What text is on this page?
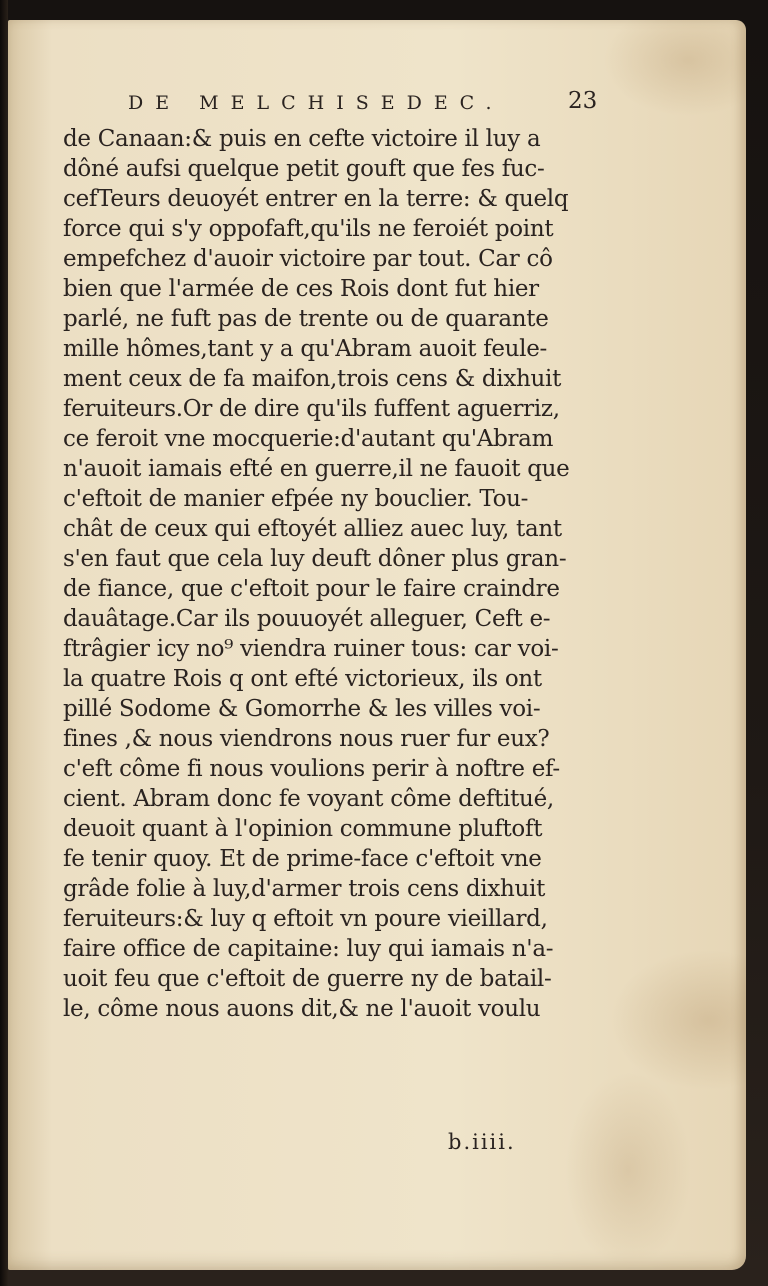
DE MELCHISEDEC.	23
de Canaan:& puis en cefte victoire il luy a
dôné aufsi quelque petit gouft que fes fuc-
cefTeurs deuoyét entrer en la terre: & quelq
force qui s'y oppofaft,qu'ils ne feroiét point
empefchez d'auoir victoire par tout. Car cô
bien que l'armée de ces Rois dont fut hier
parlé, ne fuft pas de trente ou de quarante
mille hômes,tant y a qu'Abram auoit feule-
ment ceux de fa maifon,trois cens & dixhuit
feruiteurs.Or de dire qu'ils fuffent aguerriz,
ce feroit vne mocquerie:d'autant qu'Abram
n'auoit iamais efté en guerre,il ne fauoit que
c'eftoit de manier efpée ny bouclier. Tou-
chât de ceux qui eftoyét alliez auec luy, tant
s'en faut que cela luy deuft dôner plus gran-
de fiance, que c'eftoit pour le faire craindre
dauâtage.Car ils pouuoyét alleguer, Ceft e-
ftrâgier icy no⁹ viendra ruiner tous: car voi-
la quatre Rois q ont efté victorieux, ils ont
pillé Sodome & Gomorrhe & les villes voi-
fines ,& nous viendrons nous ruer fur eux?
c'eft côme fi nous voulions perir à noftre ef-
cient. Abram donc fe voyant côme deftitué,
deuoit quant à l'opinion commune pluftoft
fe tenir quoy. Et de prime-face c'eftoit vne
grâde folie à luy,d'armer trois cens dixhuit
feruiteurs:& luy q eftoit vn poure vieillard,
faire office de capitaine: luy qui iamais n'a-
uoit feu que c'eftoit de guerre ny de batail-
le, côme nous auons dit,& ne l'auoit voulu
b.iiii.
